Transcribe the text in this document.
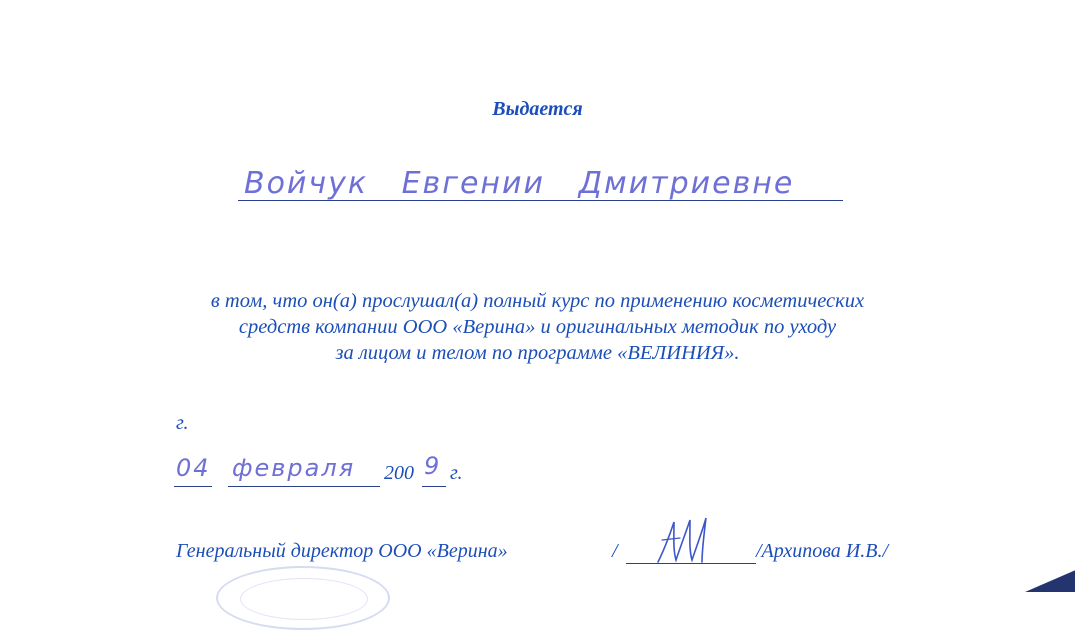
Выдается
Войчук Евгении Дмитриевне
в том, что он(а) прослушал(а) полный курс по применению косметических
средств компании ООО «Верина» и оригинальных методик по уходу
за лицом и телом по программе «ВЕЛИНИЯ».
г.
04 февраля 200 9 г.
Генеральный директор ООО «Верина»	/	/Архипова И.В./
